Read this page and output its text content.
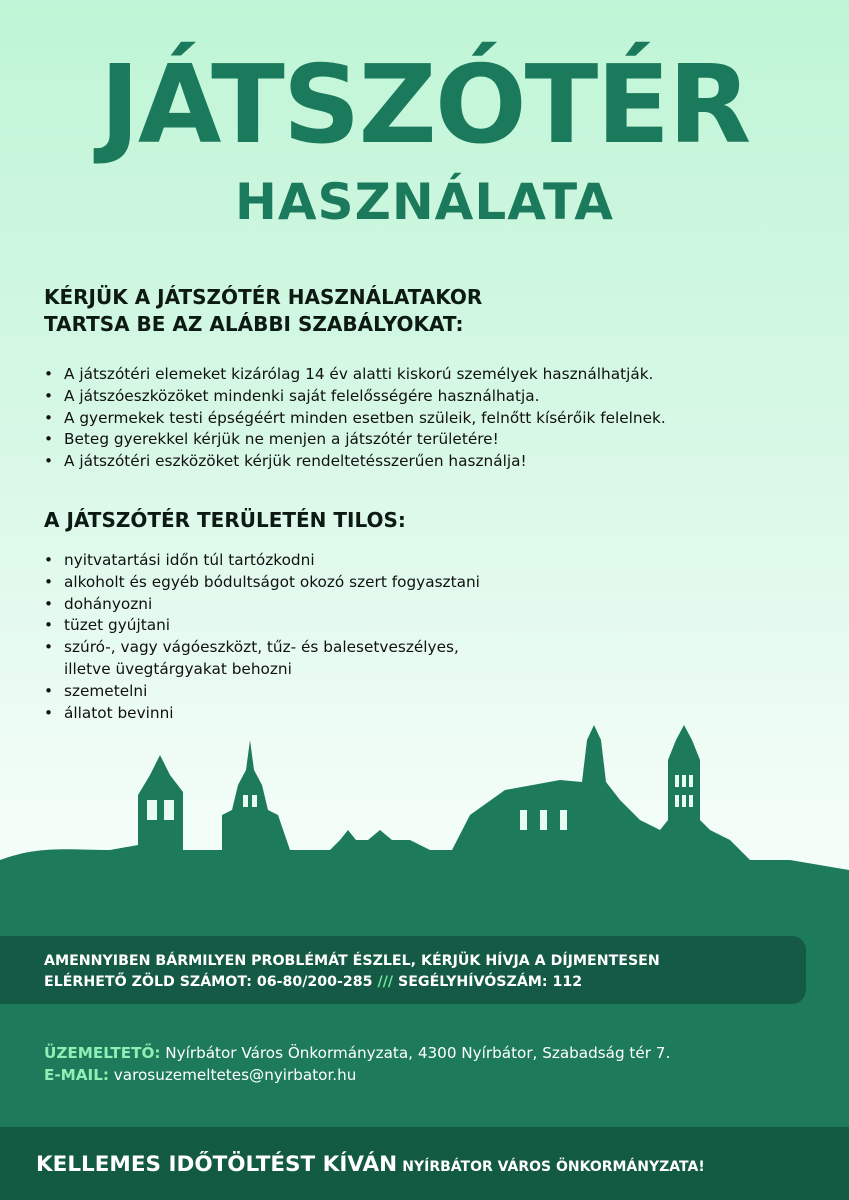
JÁTSZÓTÉR
HASZNÁLATA
KÉRJÜK A JÁTSZÓTÉR HASZNÁLATAKOR
TARTSA BE AZ ALÁBBI SZABÁLYOKAT:
• A játszótéri elemeket kizárólag 14 év alatti kiskorú személyek használhatják.
• A játszóeszközöket mindenki saját felelősségére használhatja.
• A gyermekek testi épségéért minden esetben szüleik, felnőtt kísérőik felelnek.
• Beteg gyerekkel kérjük ne menjen a játszótér területére!
• A játszótéri eszközöket kérjük rendeltetésszerűen használja!
A JÁTSZÓTÉR TERÜLETÉN TILOS:
• nyitvatartási időn túl tartózkodni
• alkoholt és egyéb bódultságot okozó szert fogyasztani
• dohányozni
• tüzet gyújtani
• szúró-, vagy vágóeszközt, tűz- és balesetveszélyes,
illetve üvegtárgyakat behozni
• szemetelni
• állatot bevinni

AMENNYIBEN BÁRMILYEN PROBLÉMÁT ÉSZLEL, KÉRJÜK HÍVJA A DÍJMENTESEN
ELÉRHETŐ ZÖLD SZÁMOT: 06-80/200-285 /// SEGÉLYHÍVÓSZÁM: 112

ÜZEMELTETŐ: Nyírbátor Város Önkormányzata, 4300 Nyírbátor, Szabadság tér 7.
E-MAIL: varosuzemeltetes@nyirbator.hu
KELLEMES IDŐTÖLTÉST KÍVÁN NYÍRBÁTOR VÁROS ÖNKORMÁNYZATA!
